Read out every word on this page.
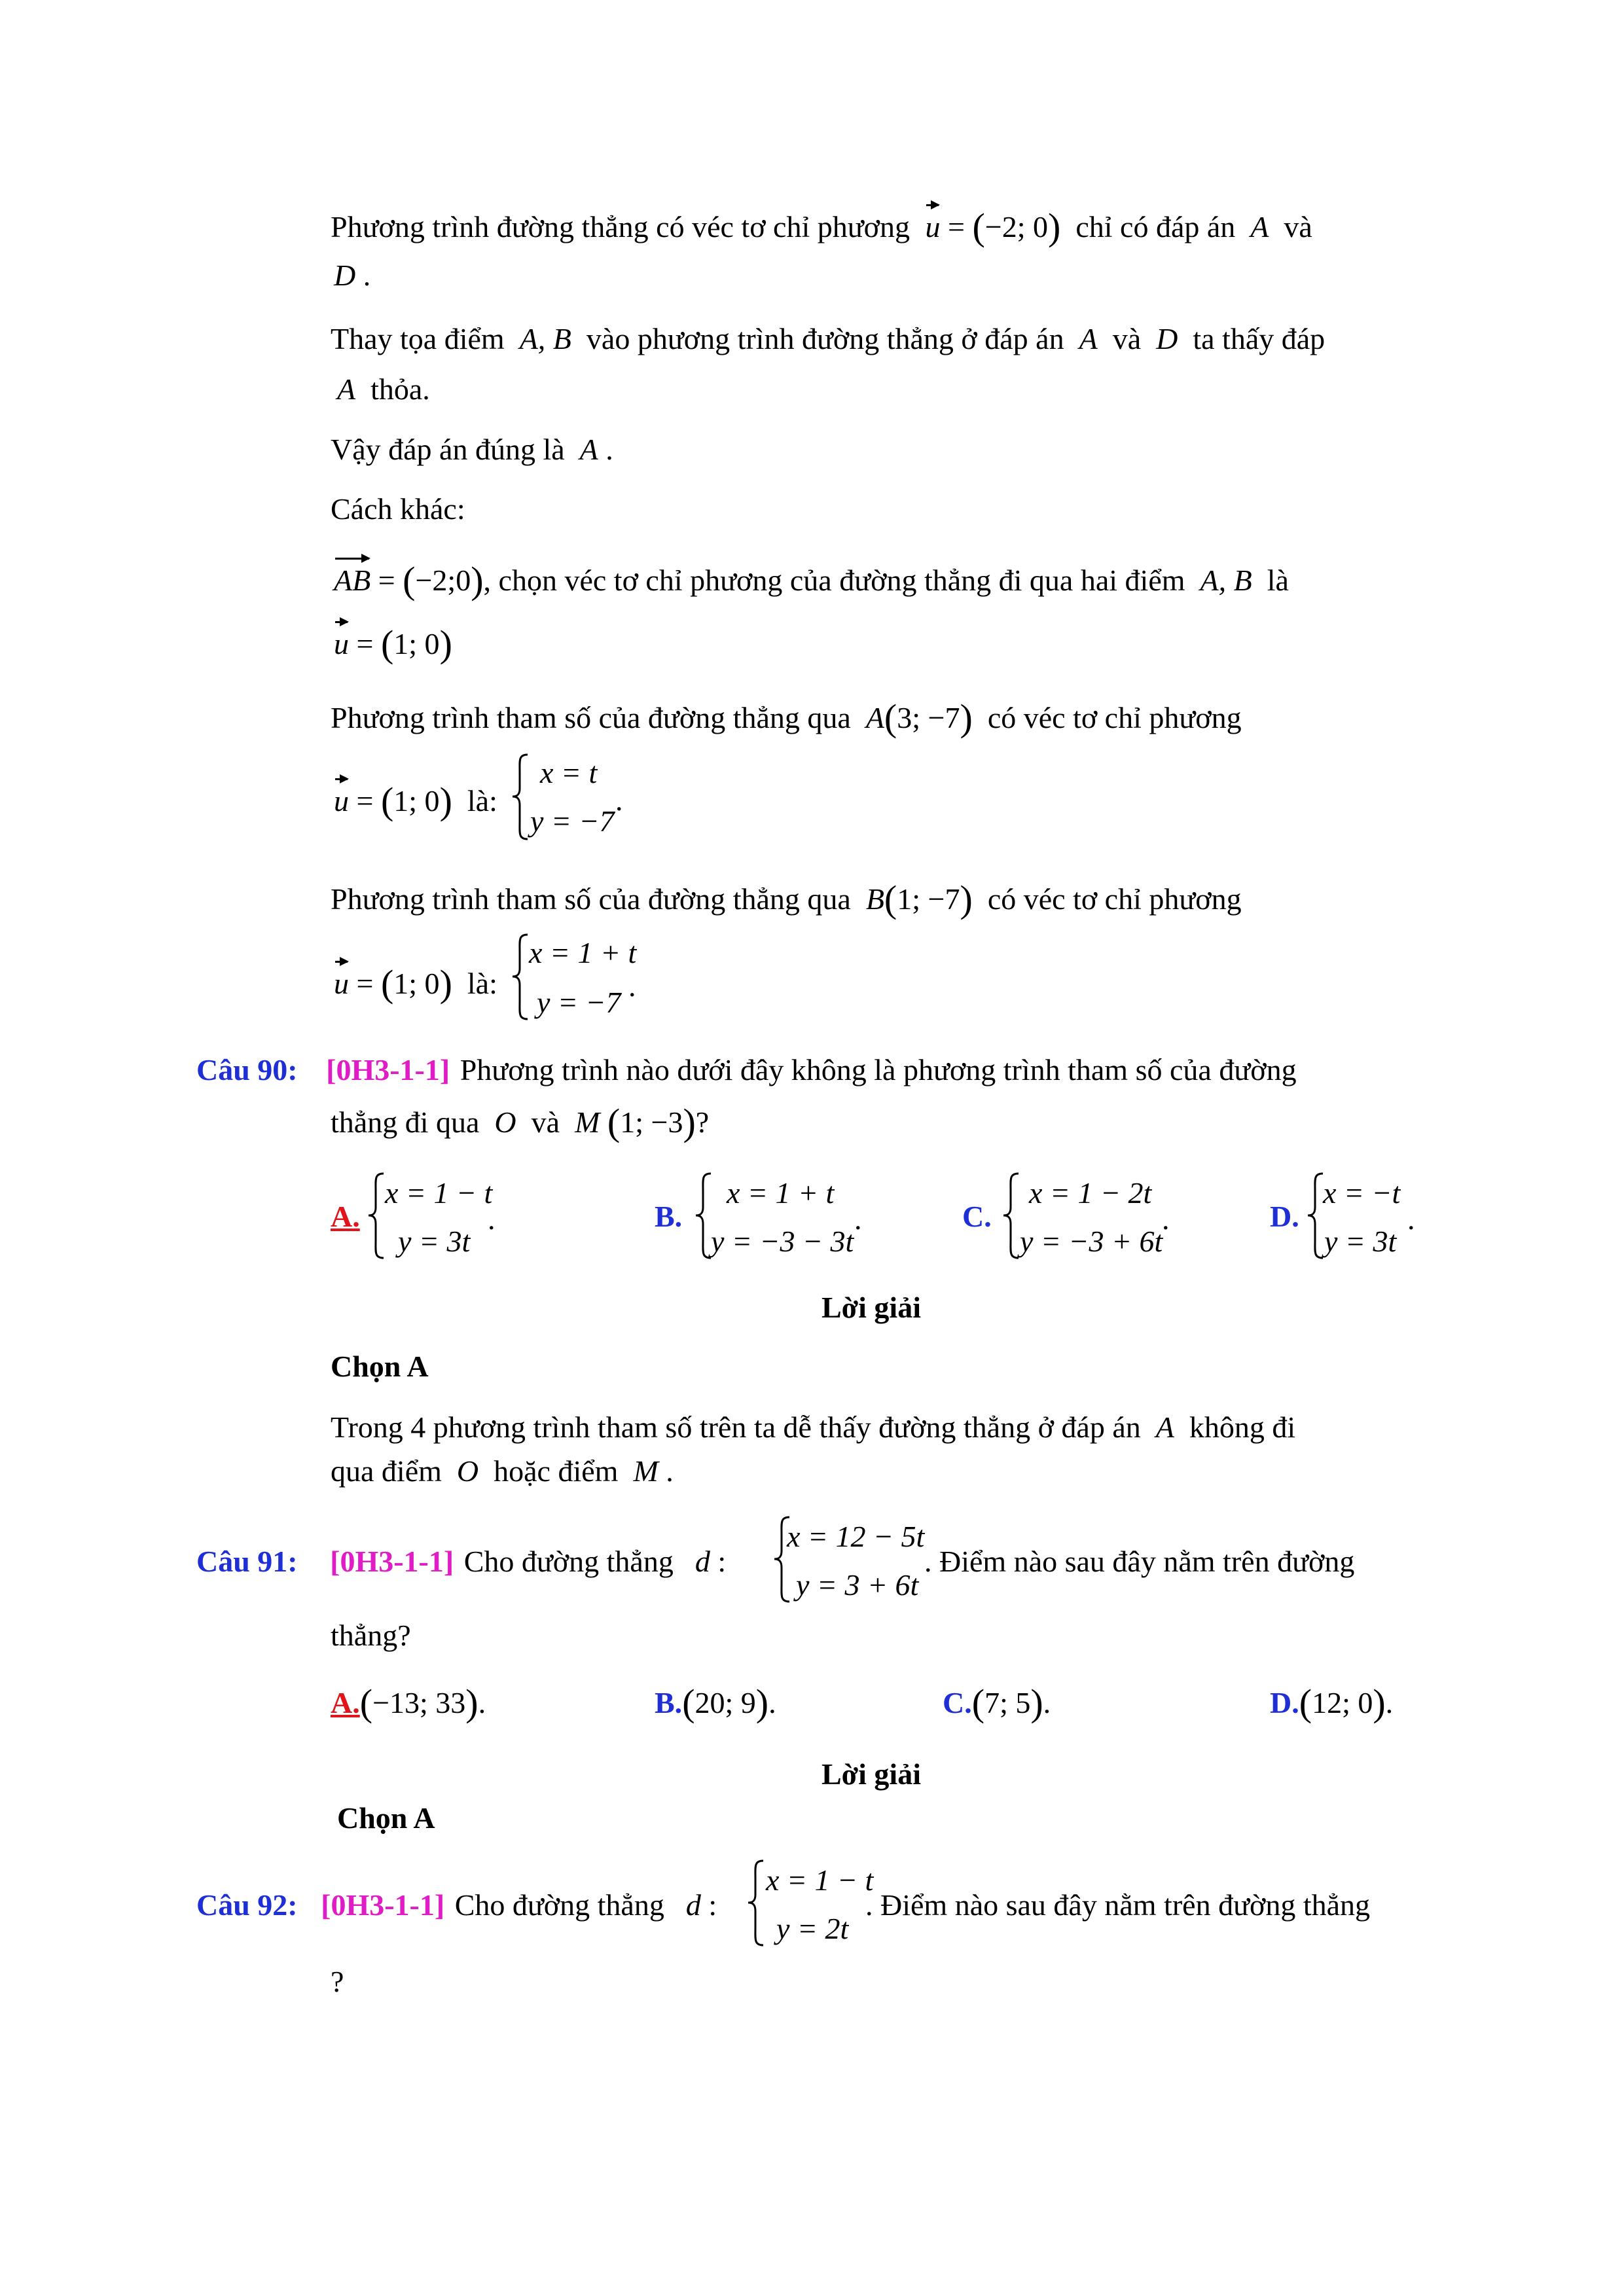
Phương trình đường thẳng có véc tơ chỉ phương u = (−2; 0) chỉ có đáp án A và
D .
Thay tọa điểm A, B vào phương trình đường thẳng ở đáp án A và D ta thấy đáp
A thỏa.
Vậy đáp án đúng là A .
Cách khác:
AB = (−2;0), chọn véc tơ chỉ phương của đường thẳng đi qua hai điểm A, B là
u = (1; 0)
Phương trình tham số của đường thẳng qua A(3; −7) có véc tơ chỉ phương
u = (1; 0) là:
x = t
y = −7
.
Phương trình tham số của đường thẳng qua B(1; −7) có véc tơ chỉ phương
u = (1; 0) là:
x = 1 + t
y = −7 .
Câu 90: [0H3-1-1] Phương trình nào dưới đây không là phương trình tham số của đường
thẳng đi qua O và M (1; −3)?
A.
x = 1 − t
y = 3t
.	B.
x = 1 + t
y = −3 − 3t
.	C.
x = 1 − 2t
y = −3 + 6t
.	D.
x = −t
y = 3t
.
Lời giải
Chọn A
Trong 4 phương trình tham số trên ta dễ thấy đường thẳng ở đáp án A không đi
qua điểm O hoặc điểm M .
Câu 91: [0H3-1-1] Cho đường thẳng d :
x = 12 − 5t
y = 3 + 6t
. Điểm nào sau đây nằm trên đường
thẳng?
A.(−13; 33).	B.(20; 9).	C.(7; 5).	D.(12; 0).
Lời giải
Chọn A
Câu 92: [0H3-1-1] Cho đường thẳng d :
x = 1 − t
y = 2t
. Điểm nào sau đây nằm trên đường thẳng
?
